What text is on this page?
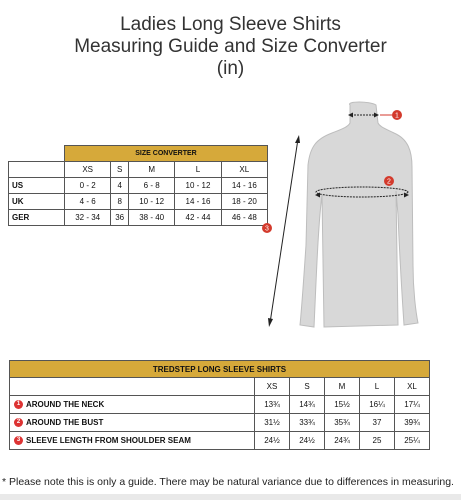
Ladies Long Sleeve Shirts
Measuring Guide and Size Converter
(in)
	SIZE CONVERTER				
	XS	S	M	L	XL
US	0 - 2	4	6 - 8	10 - 12	14 - 16
UK	4 - 6	8	10 - 12	14 - 16	18 - 20
GER	32 - 34	36	38 - 40	42 - 44	46 - 48
1
2
3
TREDSTEP LONG SLEEVE SHIRTS					
	XS	S	M	L	XL
1 AROUND THE NECK	13¾	14¾	15½	16¼	17¼
2 AROUND THE BUST	31½	33¾	35¾	37	39¾
3 SLEEVE LENGTH FROM SHOULDER SEAM	24½	24½	24¾	25	25¼
* Please note this is only a guide. There may be natural variance due to differences in measuring.
